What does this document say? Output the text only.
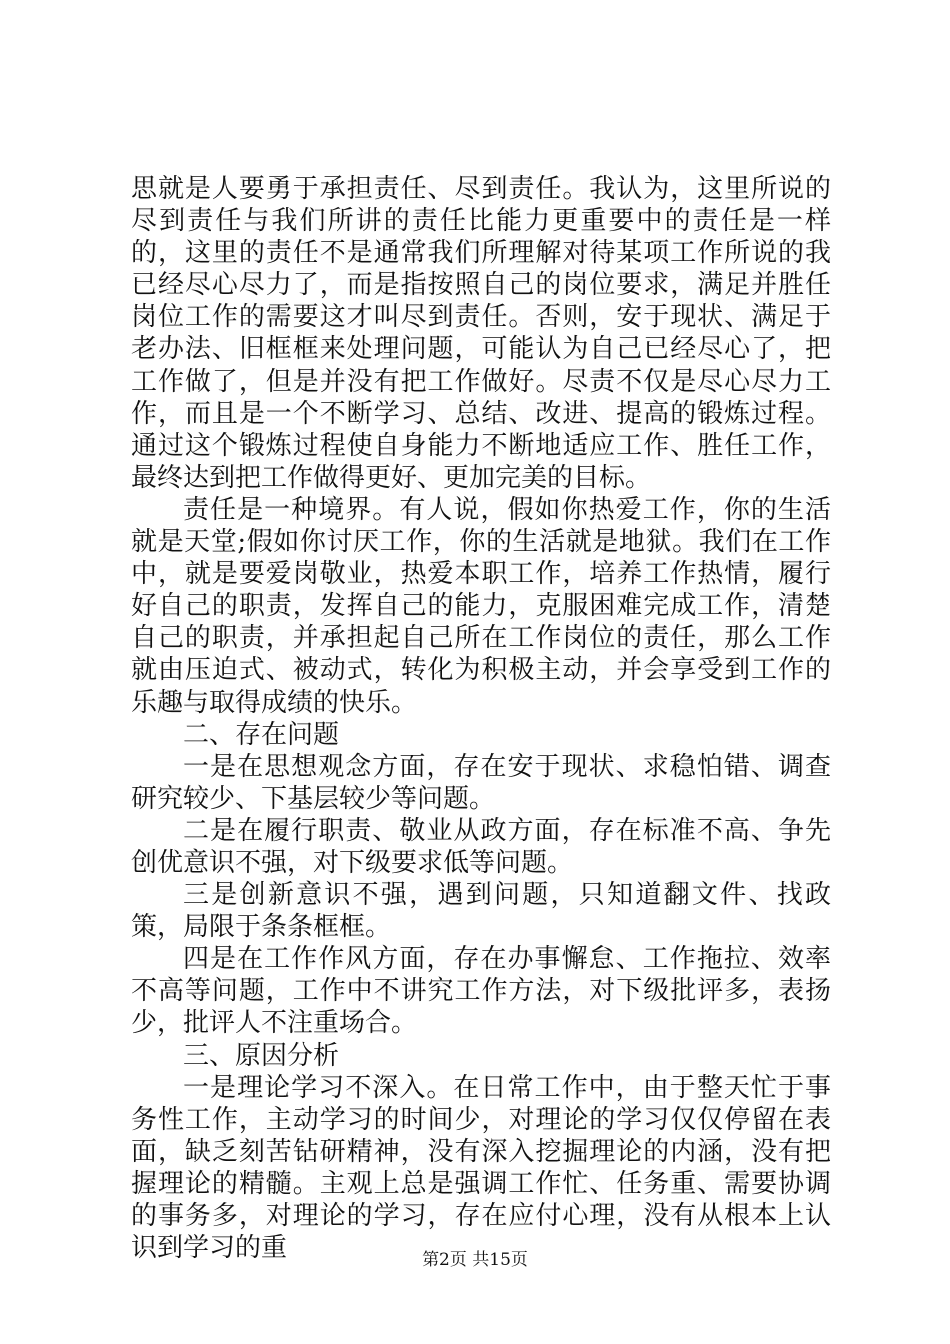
思就是人要勇于承担责任、尽到责任。我认为，这里所说的尽到责任与我们所讲的责任比能力更重要中的责任是一样的，这里的责任不是通常我们所理解对待某项工作所说的我已经尽心尽力了，而是指按照自己的岗位要求，满足并胜任岗位工作的需要这才叫尽到责任。否则，安于现状、满足于老办法、旧框框来处理问题，可能认为自己已经尽心了，把工作做了，但是并没有把工作做好。尽责不仅是尽心尽力工作，而且是一个不断学习、总结、改进、提高的锻炼过程。通过这个锻炼过程使自身能力不断地适应工作、胜任工作，最终达到把工作做得更好、更加完美的目标。

责任是一种境界。有人说，假如你热爱工作，你的生活就是天堂;假如你讨厌工作，你的生活就是地狱。我们在工作中，就是要爱岗敬业，热爱本职工作，培养工作热情，履行好自己的职责，发挥自己的能力，克服困难完成工作，清楚自己的职责，并承担起自己所在工作岗位的责任，那么工作就由压迫式、被动式，转化为积极主动，并会享受到工作的乐趣与取得成绩的快乐。

二、存在问题

一是在思想观念方面，存在安于现状、求稳怕错、调查研究较少、下基层较少等问题。

二是在履行职责、敬业从政方面，存在标准不高、争先创优意识不强，对下级要求低等问题。

三是创新意识不强，遇到问题，只知道翻文件、找政策，局限于条条框框。

四是在工作作风方面，存在办事懈怠、工作拖拉、效率不高等问题，工作中不讲究工作方法，对下级批评多，表扬少，批评人不注重场合。

三、原因分析

一是理论学习不深入。在日常工作中，由于整天忙于事务性工作，主动学习的时间少，对理论的学习仅仅停留在表面，缺乏刻苦钻研精神，没有深入挖掘理论的内涵，没有把握理论的精髓。主观上总是强调工作忙、任务重、需要协调的事务多，对理论的学习，存在应付心理，没有从根本上认识到学习的重	第2页 共15页
